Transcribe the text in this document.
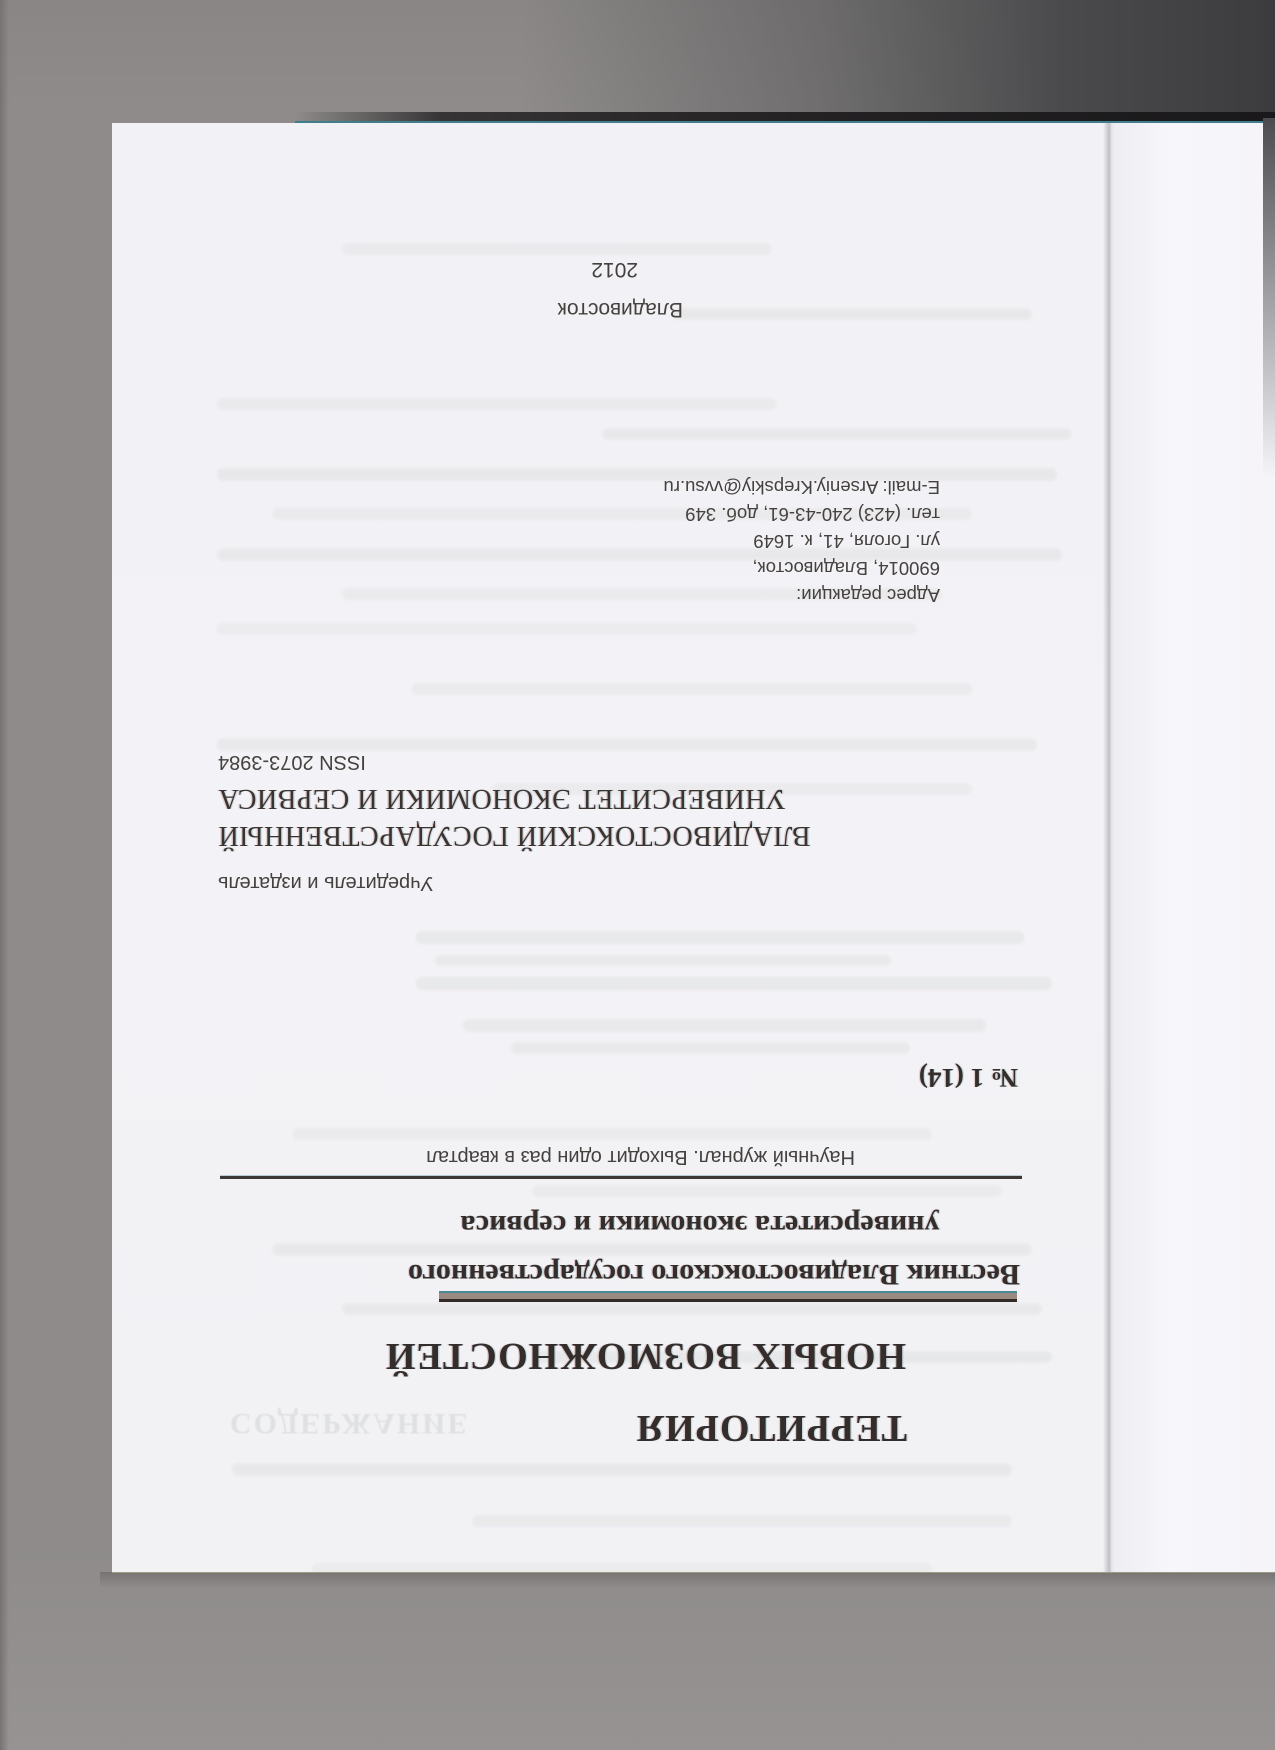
СОДЕРЖАНИЕ	ТЕРРИТОРИЯ
НОВЫХ ВОЗМОЖНОСТЕЙ
Вестник Владивостокского государственного
университета экономики и сервиса
Научный журнал. Выходит один раз в квартал
№ 1 (14)
Учредитель и издатель
ВЛАДИВОСТОКСКИЙ ГОСУДАРСТВЕННЫЙ
УНИВЕРСИТЕТ ЭКОНОМИКИ И СЕРВИСА
ISSN 2073-3984
Адрес редакции:
690014, Владивосток,
ул. Гоголя, 41, к. 1649
тел. (423) 240-43-61, доб. 349
E-mail: Arseniy.Krepskiy@vvsu.ru
Владивосток
2012
